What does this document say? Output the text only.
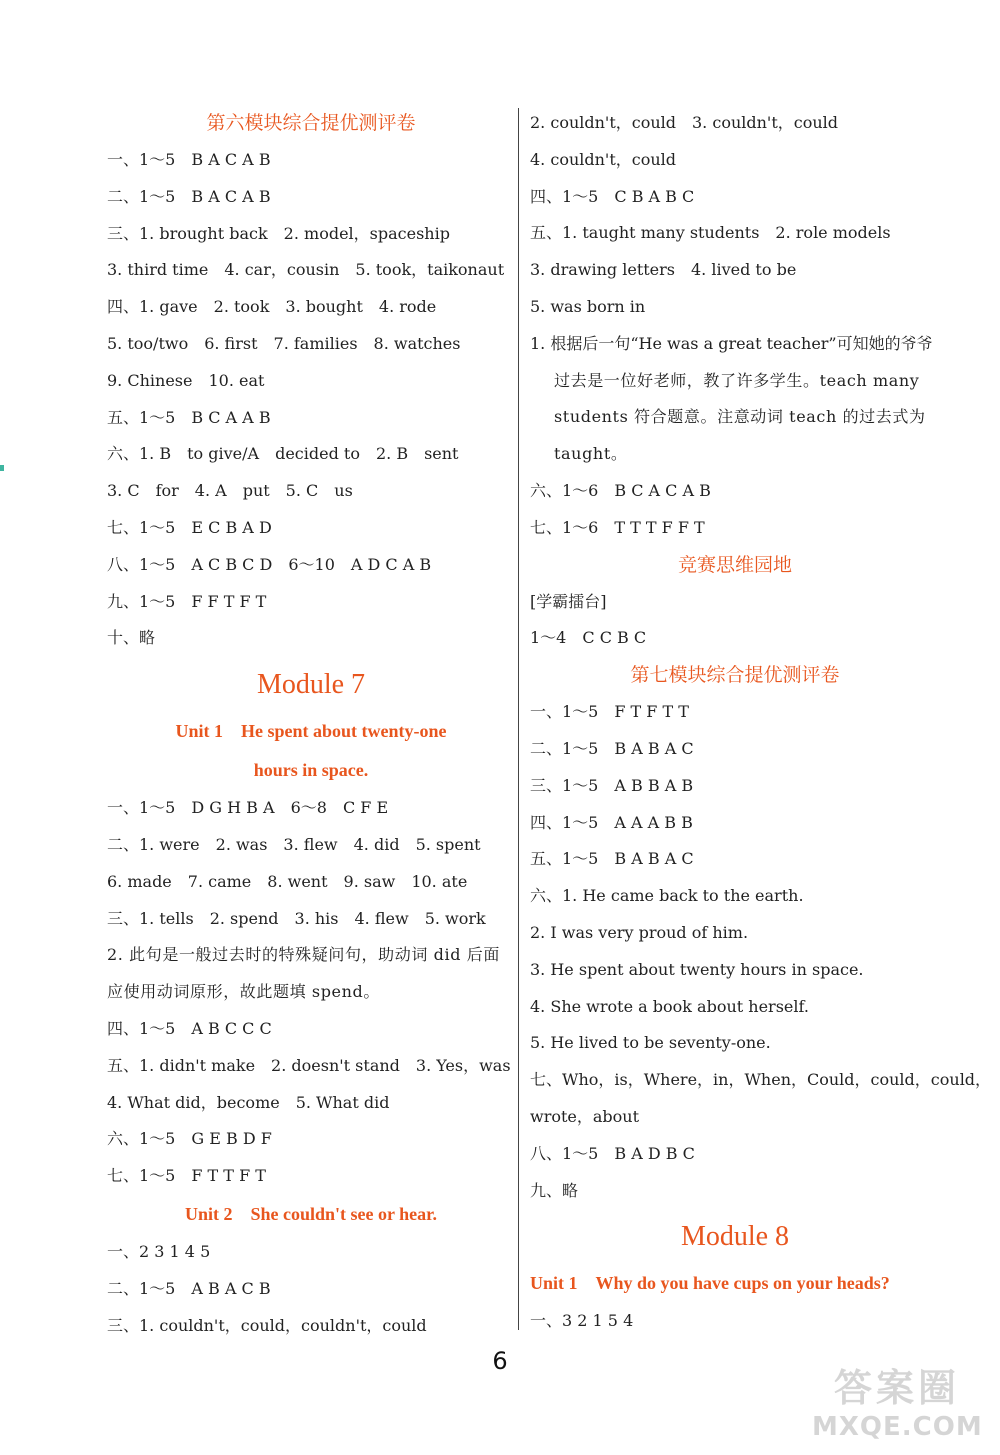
第六模块综合提优测评卷
一、1～5　B A C A B
二、1～5　B A C A B
三、1. brought back　2. model，spaceship
3. third time　4. car，cousin　5. took，taikonaut
四、1. gave　2. took　3. bought　4. rode
5. too/two　6. first　7. families　8. watches
9. Chinese　10. eat
五、1～5　B C A A B
六、1. B　to give/A　decided to　2. B　sent
3. C　for　4. A　put　5. C　us
七、1～5　E C B A D
八、1～5　A C B C D　6～10　A D C A B
九、1～5　F F T F T
十、略
Module 7
Unit 1　He spent about twenty-one
hours in space.
一、1～5　D G H B A　6～8　C F E
二、1. were　2. was　3. flew　4. did　5. spent
6. made　7. came　8. went　9. saw　10. ate
三、1. tells　2. spend　3. his　4. flew　5. work
2. 此句是一般过去时的特殊疑问句，助动词 did 后面应使用动词原形，故此题填 spend。
四、1～5　A B C C C
五、1. didn't make　2. doesn't stand　3. Yes，was
4. What did，become　5. What did
六、1～5　G E B D F
七、1～5　F T T F T
Unit 2　She couldn't see or hear.
一、2 3 1 4 5
二、1～5　A B A C B
三、1. couldn't，could，couldn't，could
2. couldn't，could　3. couldn't，could
4. couldn't，could
四、1～5　C B A B C
五、1. taught many students　2. role models
3. drawing letters　4. lived to be
5. was born in
1. 根据后一句“He was a great teacher”可知她的爷爷
过去是一位好老师，教了许多学生。teach many students 符合题意。注意动词 teach 的过去式为 taught。
六、1～6　B C A C A B
七、1～6　T T T F F T
竞赛思维园地
[学霸擂台]
1～4　C C B C
第七模块综合提优测评卷
一、1～5　F T F T T
二、1～5　B A B A C
三、1～5　A B B A B
四、1～5　A A A B B
五、1～5　B A B A C
六、1. He came back to the earth.
2. I was very proud of him.
3. He spent about twenty hours in space.
4. She wrote a book about herself.
5. He lived to be seventy-one.
七、Who，is，Where，in，When，Could，could，could，
wrote，about
八、1～5　B A D B C
九、略
Module 8
Unit 1　Why do you have cups on your heads?
一、3 2 1 5 4
6
答案圈
MXQE.COM
